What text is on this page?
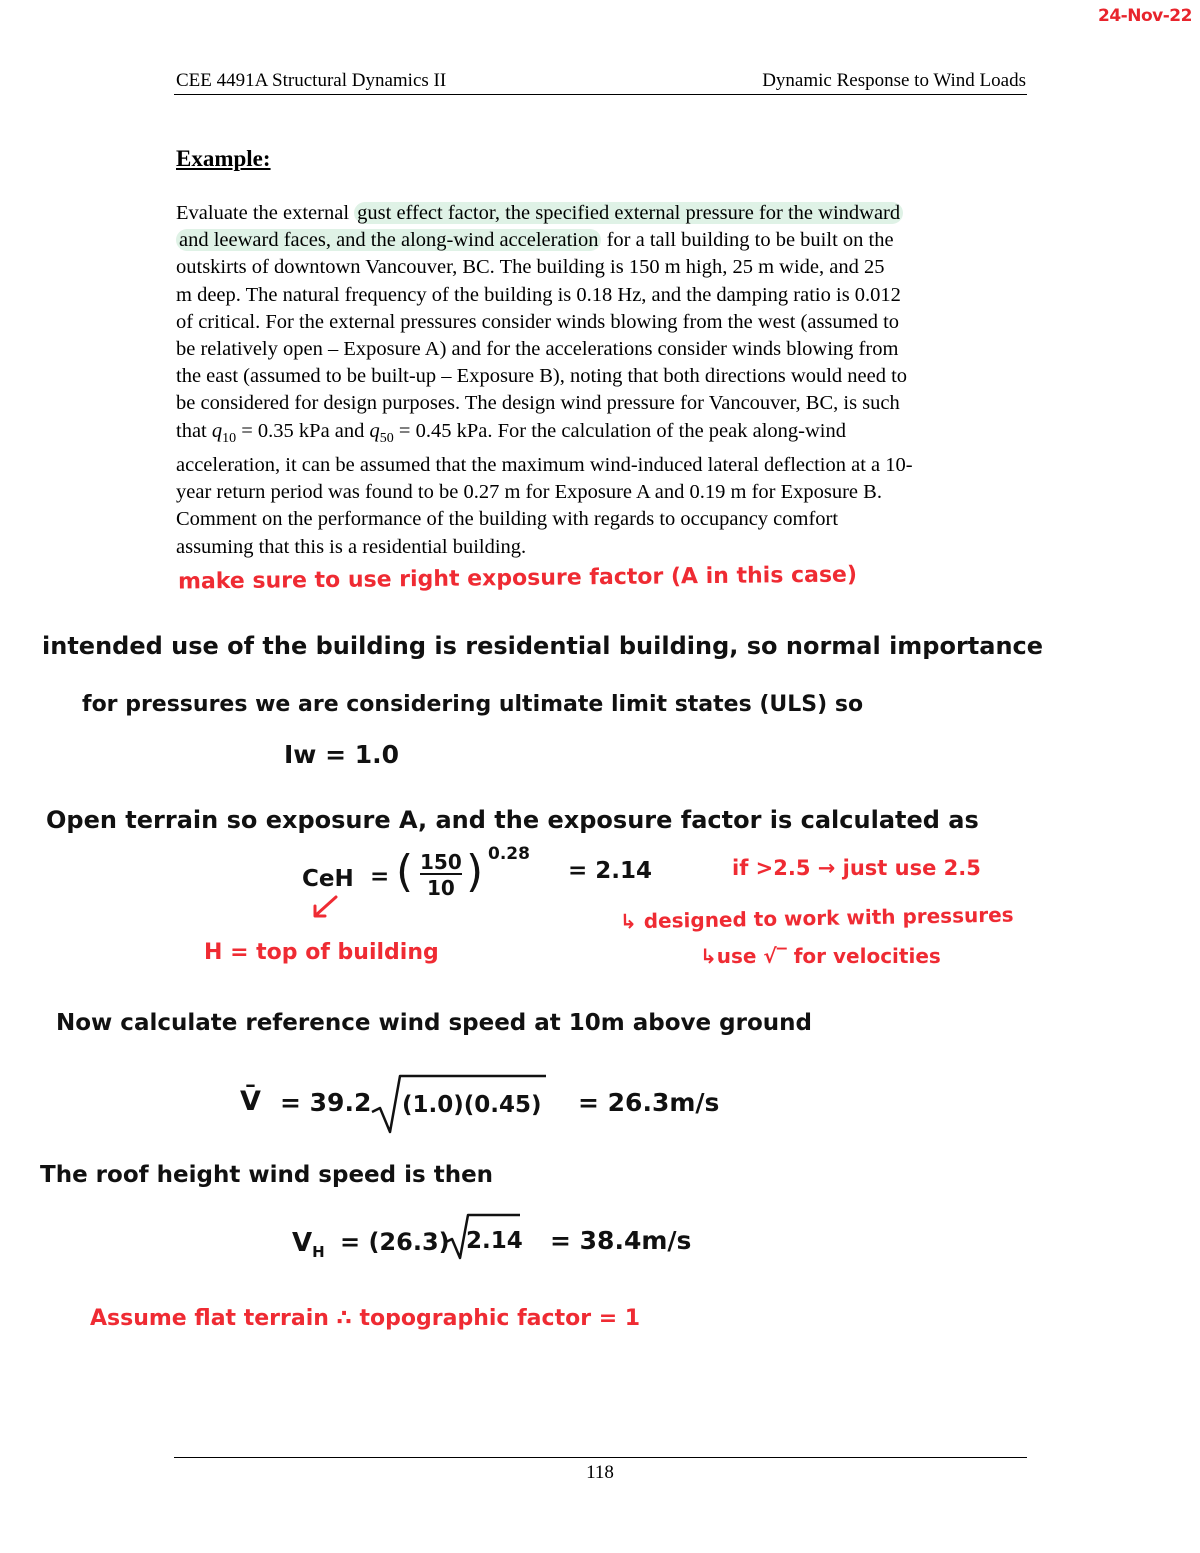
24-Nov-22
CEE 4491A Structural Dynamics II	Dynamic Response to Wind Loads
Example:
Evaluate the external gust effect factor, the specified external pressure for the windward
and leeward faces, and the along-wind acceleration for a tall building to be built on the
outskirts of downtown Vancouver, BC. The building is 150 m high, 25 m wide, and 25
m deep. The natural frequency of the building is 0.18 Hz, and the damping ratio is 0.012
of critical. For the external pressures consider winds blowing from the west (assumed to
be relatively open – Exposure A) and for the accelerations consider winds blowing from
the east (assumed to be built-up – Exposure B), noting that both directions would need to
be considered for design purposes. The design wind pressure for Vancouver, BC, is such
that $q_{10} = 0.35$ kPa and $q_{50} = 0.45$ kPa. For the calculation of the peak along-wind
acceleration, it can be assumed that the maximum wind-induced lateral deflection at a 10-
year return period was found to be 0.27 m for Exposure A and 0.19 m for Exposure B.
Comment on the performance of the building with regards to occupancy comfort
assuming that this is a residential building.
make sure to use right exposure factor (A in this case)
intended use of the building is residential building, so normal importance
for pressures we are considering ultimate limit states (ULS) so
Iw = 1.0
Open terrain so exposure A, and the exposure factor is calculated as
CeH = ( 150
10 ) 0.28
= 2.14	if >2.5 → just use 2.5
↳ designed to work with pressures
↳use √‾ for velocities
H = top of building
Now calculate reference wind speed at 10m above ground
V̄ = 39.2 (1.0)(0.45) = 26.3m/s
The roof height wind speed is then
$V_H = (26.3) 2.14 = 38.4m/s$
Assume flat terrain ∴ topographic factor = 1
118
